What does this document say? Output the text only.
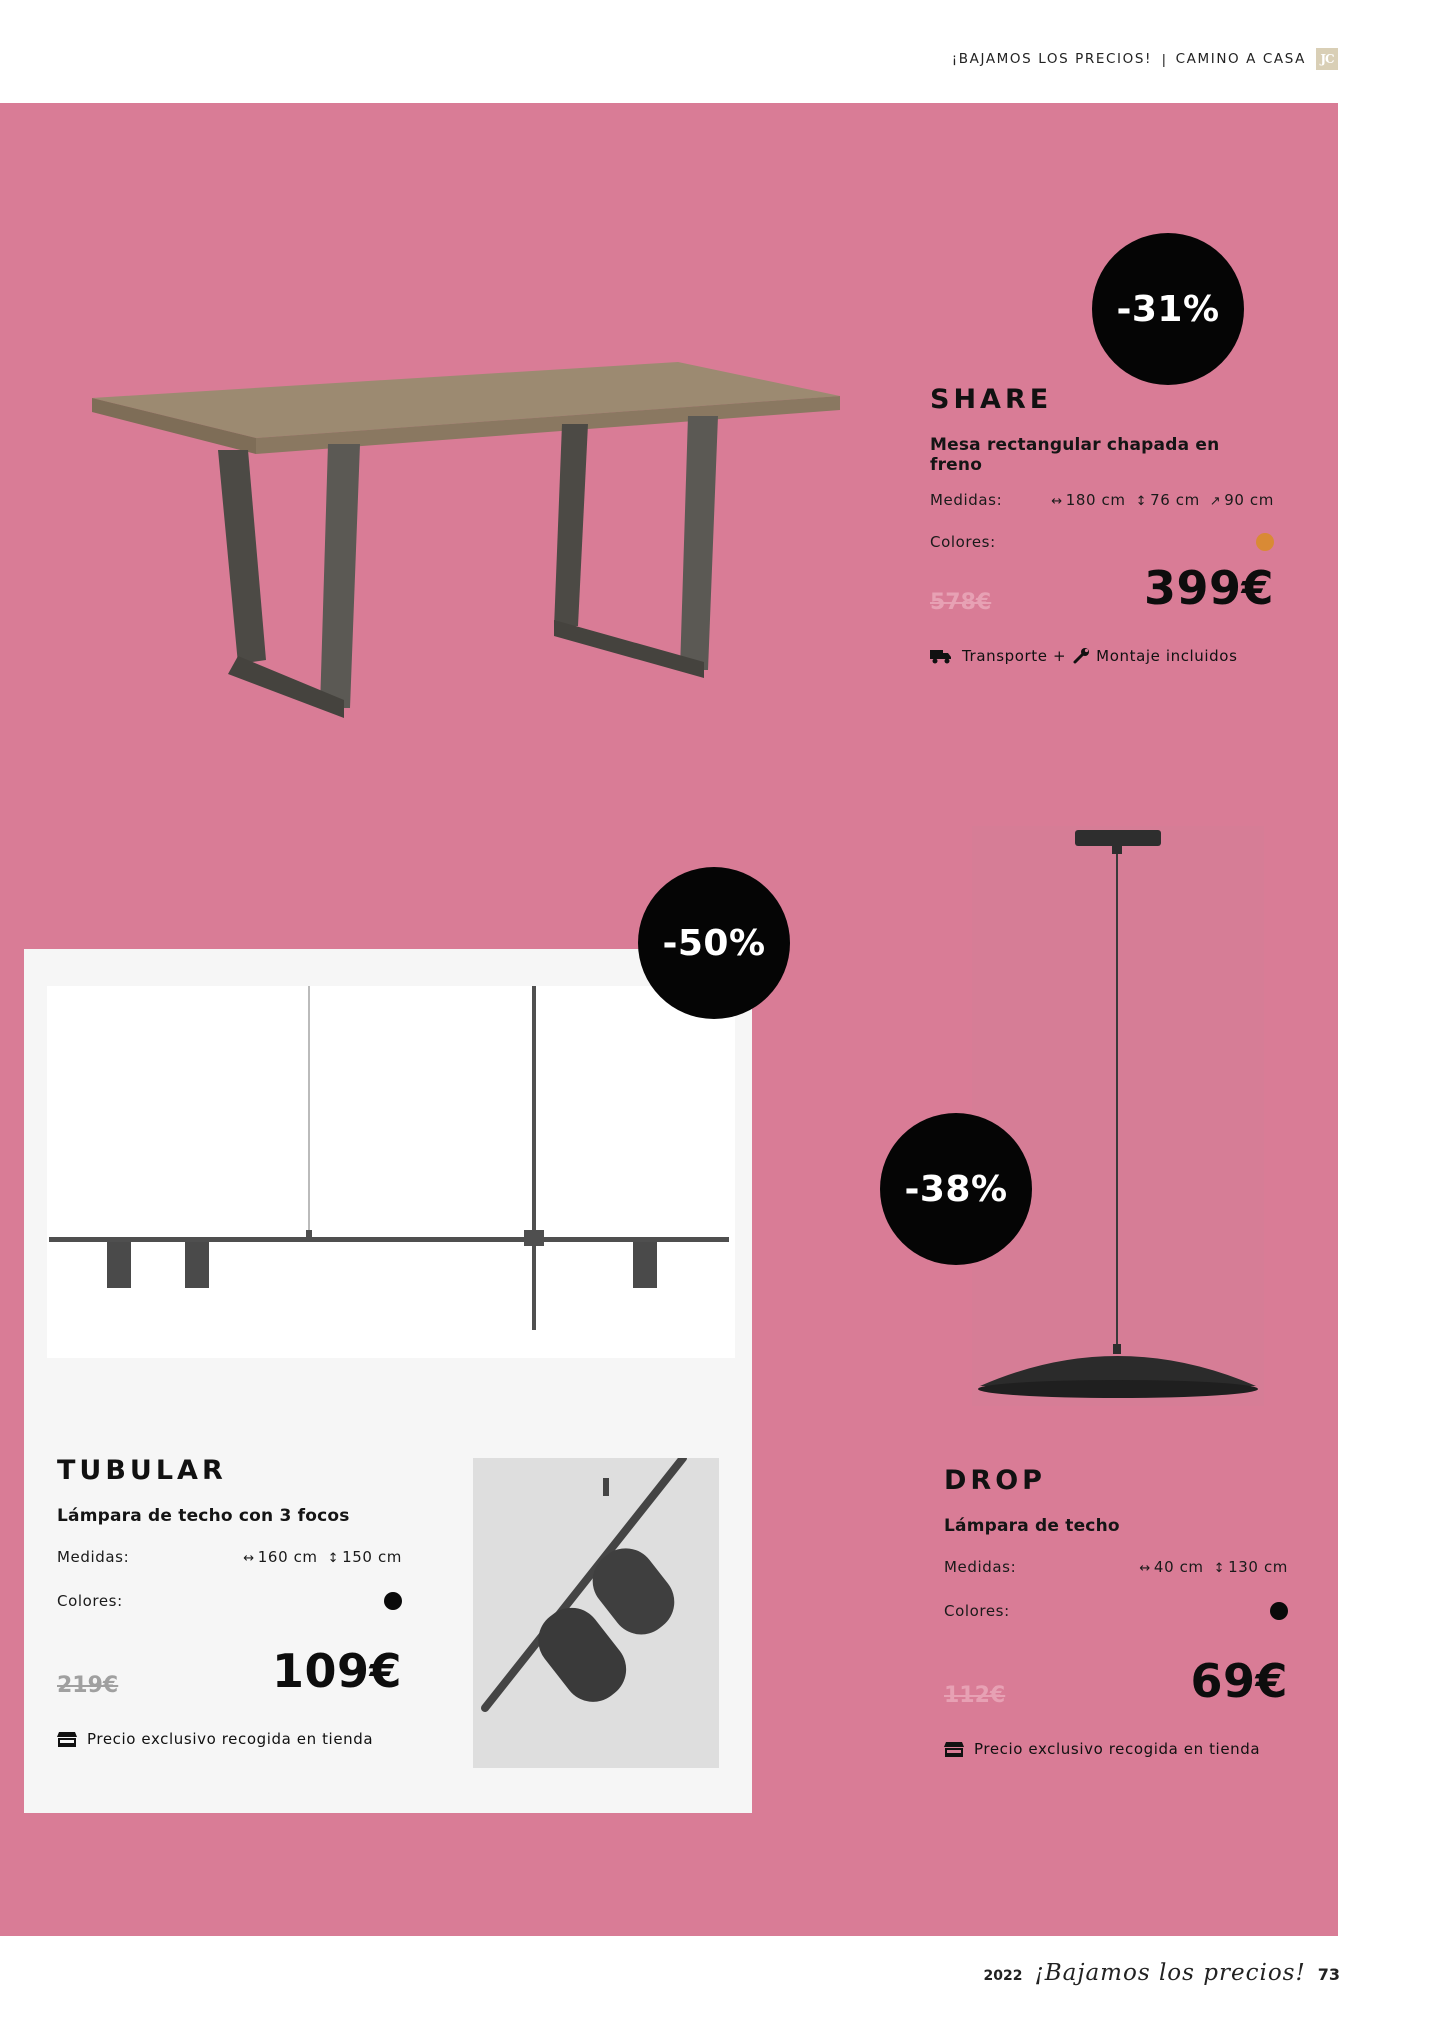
¡BAJAMOS LOS PRECIOS! | CAMINO A CASA	JC
-31%
SHARE
Mesa rectangular chapada en freno
Medidas:	↔ 180 cm ↕ 76 cm ↗ 90 cm
Colores:
578€	399€
Transporte + Montaje incluidos
-50%
TUBULAR
Lámpara de techo con 3 focos
Medidas:	↔ 160 cm ↕ 150 cm
Colores:
219€	109€
Precio exclusivo recogida en tienda
-38%
DROP
Lámpara de techo
Medidas:	↔ 40 cm ↕ 130 cm
Colores:
112€	69€
Precio exclusivo recogida en tienda
2022 ¡Bajamos los precios! 73
